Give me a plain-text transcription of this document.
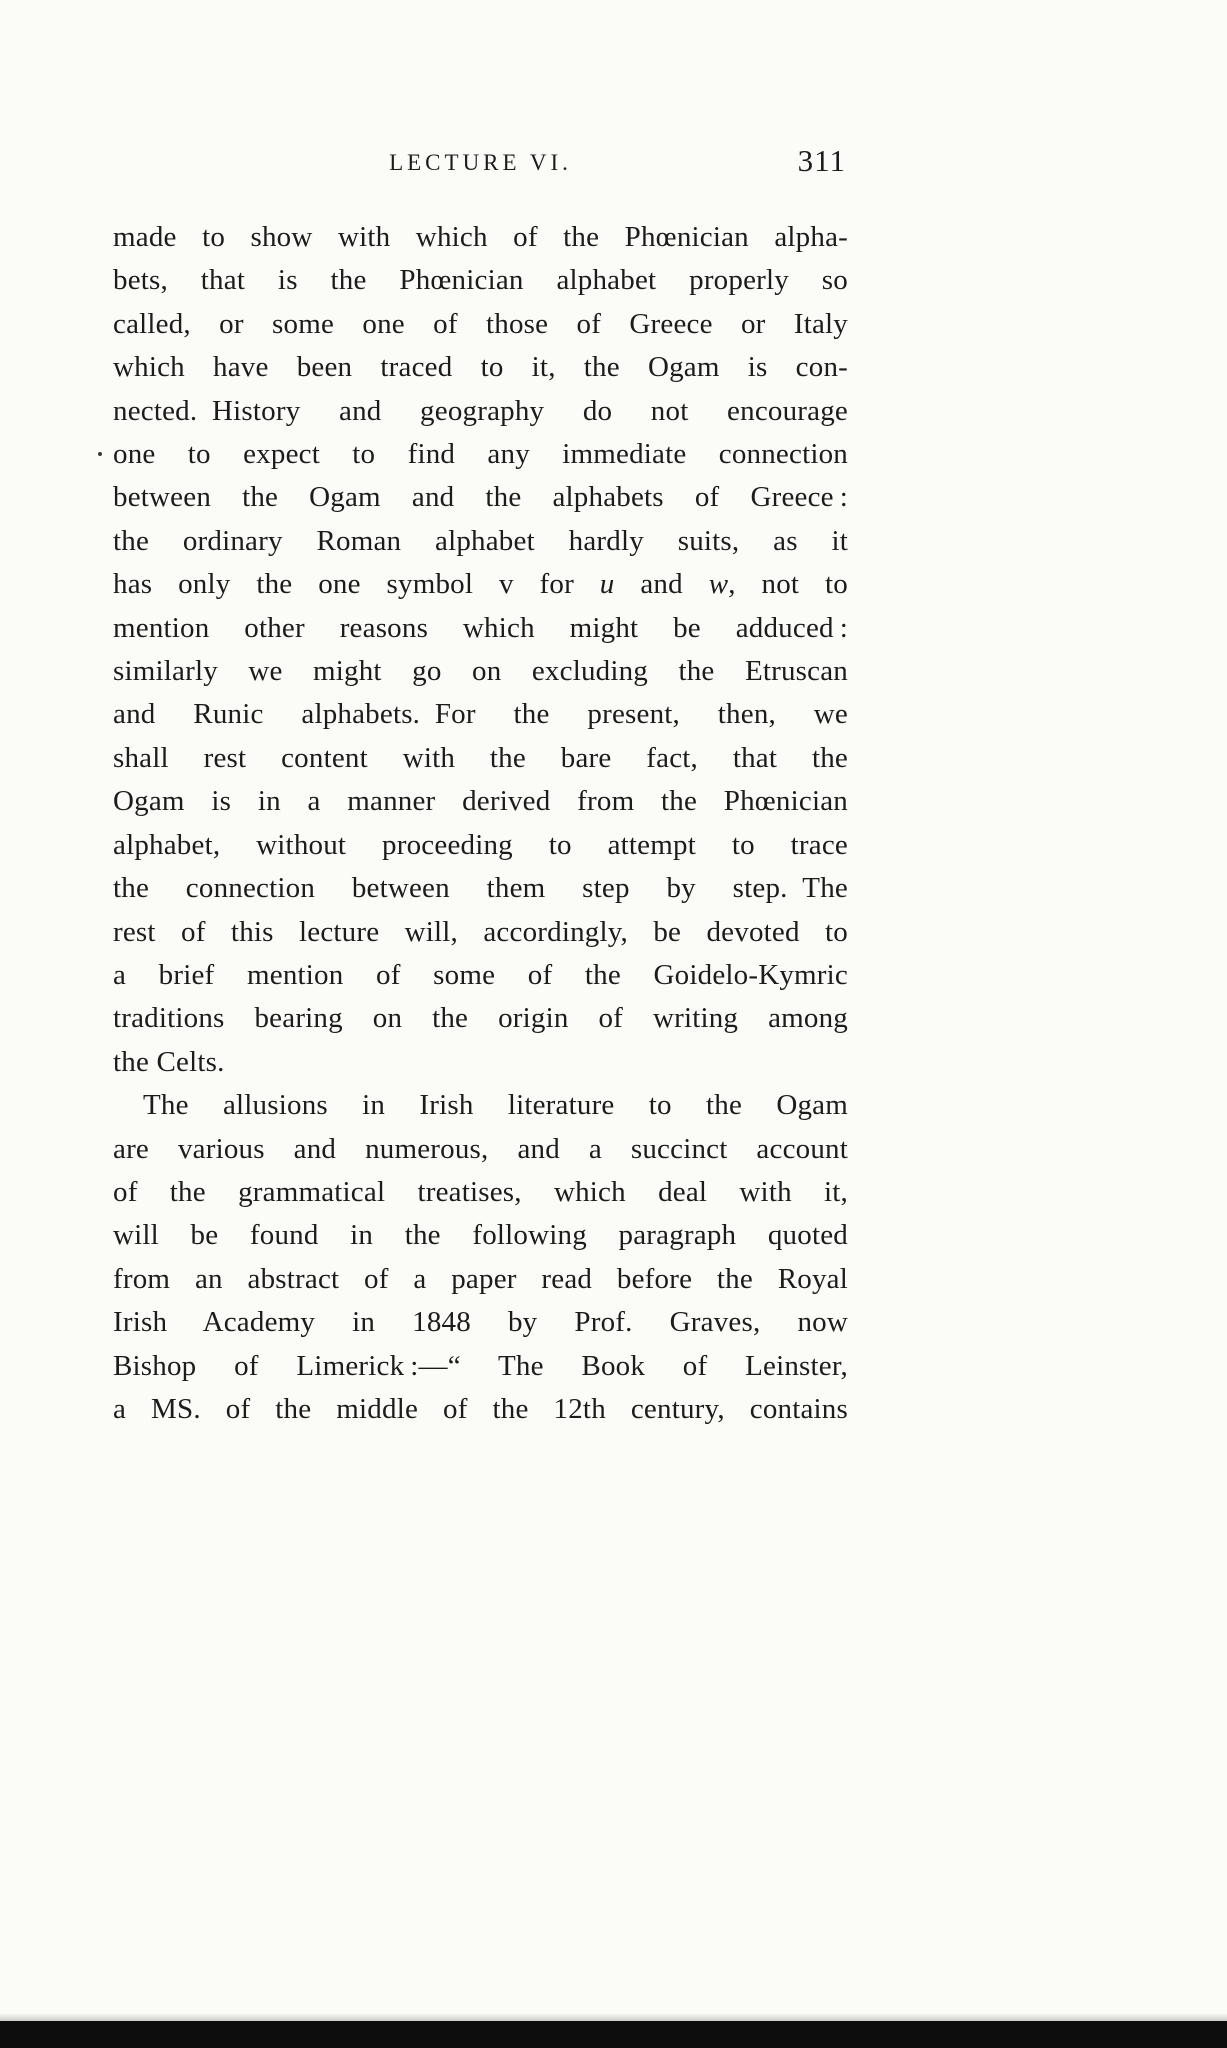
LECTURE VI.	311
made to show with which of the Phœnician alpha-
bets, that is the Phœnician alphabet properly so
called, or some one of those of Greece or Italy
which have been traced to it, the Ogam is con-
nected. History and geography do not encourage
one to expect to find any immediate connection
between the Ogam and the alphabets of Greece :
the ordinary Roman alphabet hardly suits, as it
has only the one symbol v for u and w, not to
mention other reasons which might be adduced :
similarly we might go on excluding the Etruscan
and Runic alphabets. For the present, then, we
shall rest content with the bare fact, that the
Ogam is in a manner derived from the Phœnician
alphabet, without proceeding to attempt to trace
the connection between them step by step. The
rest of this lecture will, accordingly, be devoted to
a brief mention of some of the Goidelo-Kymric
traditions bearing on the origin of writing among
the Celts.
The allusions in Irish literature to the Ogam
are various and numerous, and a succinct account
of the grammatical treatises, which deal with it,
will be found in the following paragraph quoted
from an abstract of a paper read before the Royal
Irish Academy in 1848 by Prof. Graves, now
Bishop of Limerick :—“ The Book of Leinster,
a MS. of the middle of the 12th century, contains
